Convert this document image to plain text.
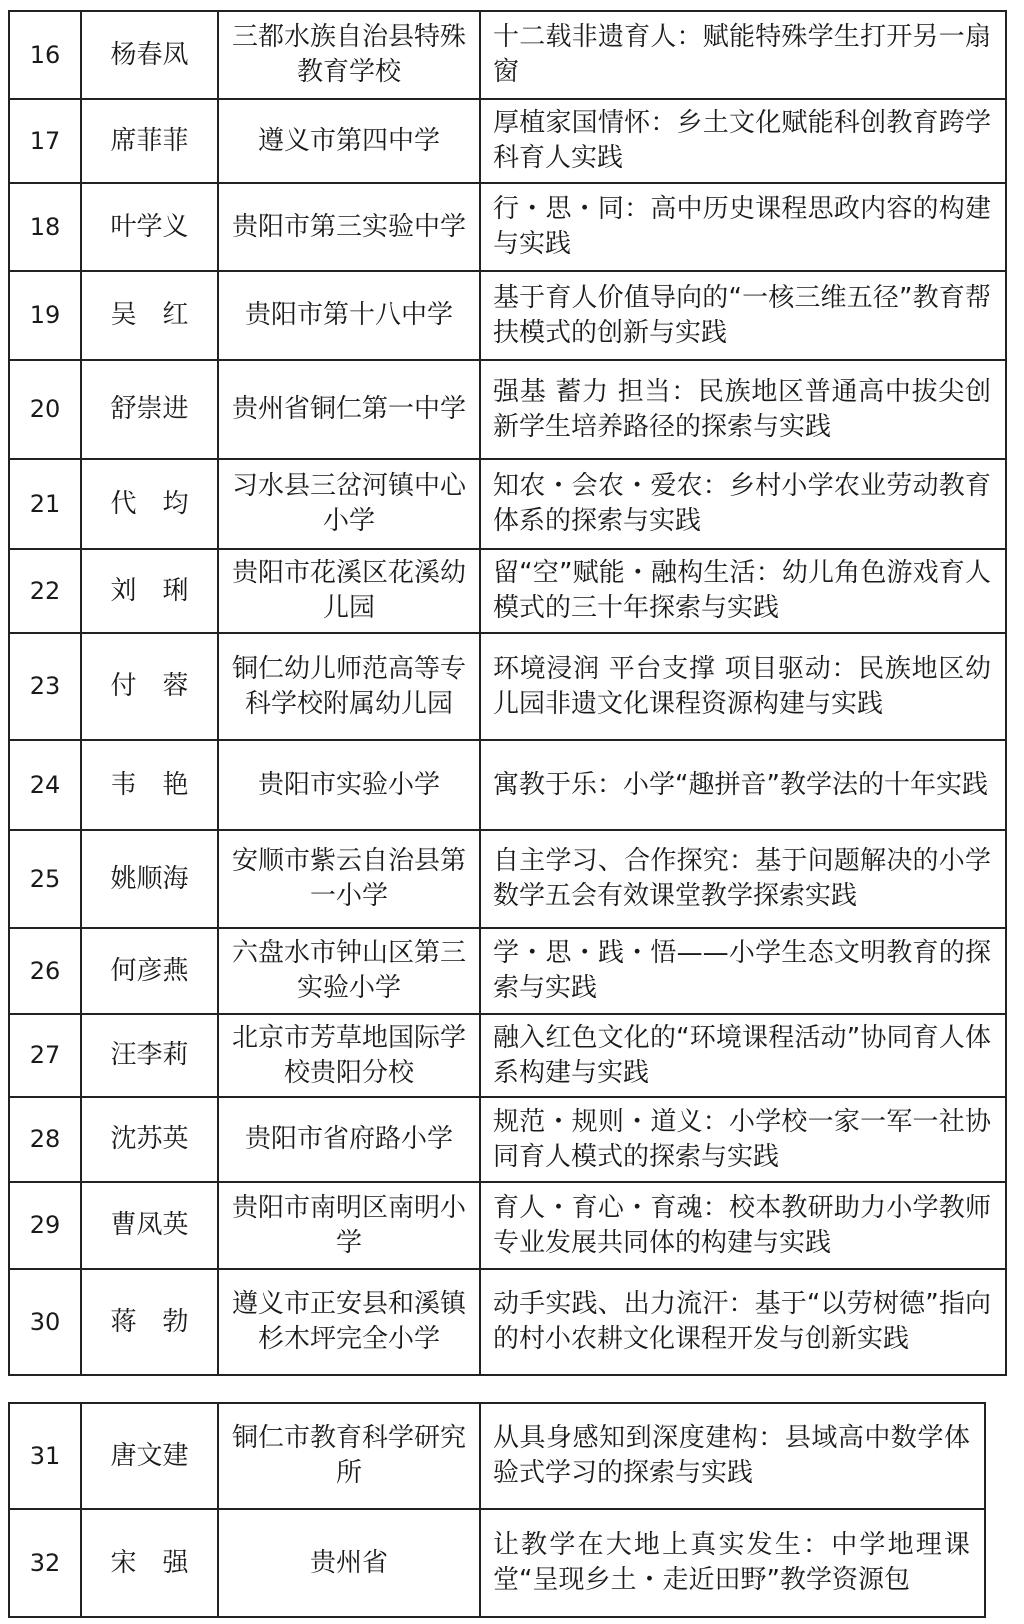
16	杨春凤	三都水族自治县特殊教育学校	十二载非遗育人：赋能特殊学生打开另一扇窗
17	席菲菲	遵义市第四中学	厚植家国情怀：乡土文化赋能科创教育跨学科育人实践
18	叶学义	贵阳市第三实验中学	行・思・同：高中历史课程思政内容的构建与实践
19	吴　红	贵阳市第十八中学	基于育人价值导向的“一核三维五径”教育帮扶模式的创新与实践
20	舒崇进	贵州省铜仁第一中学	强基 蓄力 担当：民族地区普通高中拔尖创新学生培养路径的探索与实践
21	代　均	习水县三岔河镇中心小学	知农・会农・爱农：乡村小学农业劳动教育体系的探索与实践
22	刘　琍	贵阳市花溪区花溪幼儿园	留“空”赋能・融构生活：幼儿角色游戏育人模式的三十年探索与实践
23	付　蓉	铜仁幼儿师范高等专科学校附属幼儿园	环境浸润 平台支撑 项目驱动：民族地区幼儿园非遗文化课程资源构建与实践
24	韦　艳	贵阳市实验小学	寓教于乐：小学“趣拼音”教学法的十年实践
25	姚顺海	安顺市紫云自治县第一小学	自主学习、合作探究：基于问题解决的小学数学五会有效课堂教学探索实践
26	何彦燕	六盘水市钟山区第三实验小学	学・思・践・悟——小学生态文明教育的探索与实践
27	汪李莉	北京市芳草地国际学校贵阳分校	融入红色文化的“环境课程活动”协同育人体系构建与实践
28	沈苏英	贵阳市省府路小学	规范・规则・道义：小学校一家一军一社协同育人模式的探索与实践
29	曹凤英	贵阳市南明区南明小学	育人・育心・育魂：校本教研助力小学教师专业发展共同体的构建与实践
30	蒋　勃	遵义市正安县和溪镇杉木坪完全小学	动手实践、出力流汗：基于“以劳树德”指向的村小农耕文化课程开发与创新实践
31	唐文建	铜仁市教育科学研究所	从具身感知到深度建构：县域高中数学体验式学习的探索与实践
32	宋　强	贵州省	让教学在大地上真实发生：中学地理课堂“呈现乡土・走近田野”教学资源包
